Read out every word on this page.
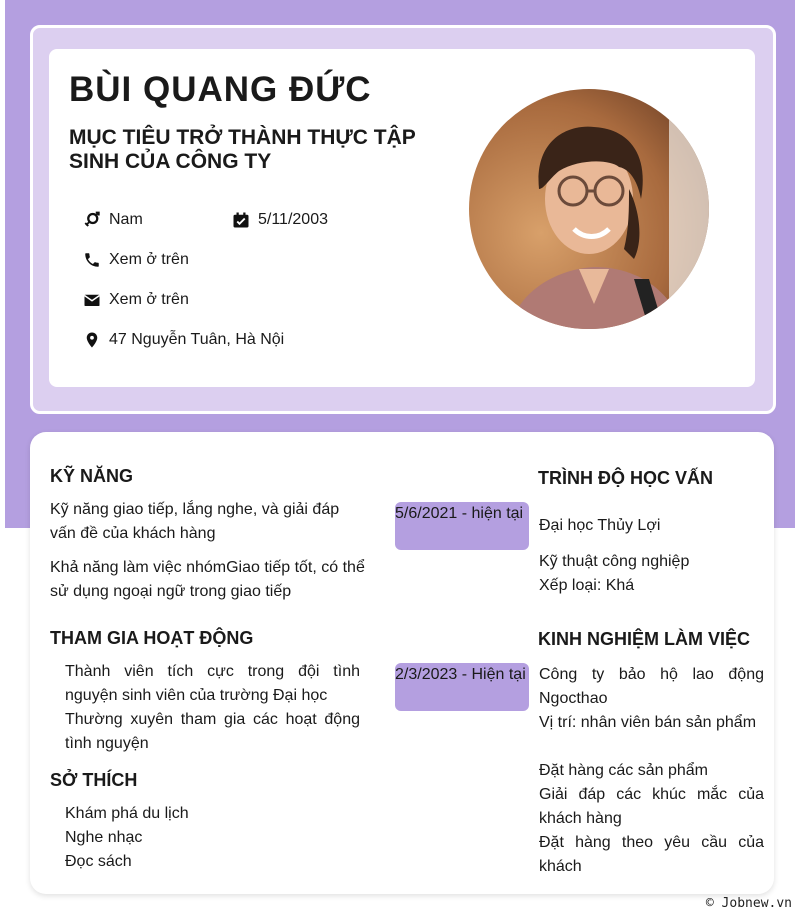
BÙI QUANG ĐỨC
MỤC TIÊU TRỞ THÀNH THỰC TẬP SINH CỦA CÔNG TY
Nam	5/11/2003
Xem ở trên
Xem ở trên
47 Nguyễn Tuân, Hà Nội
KỸ NĂNG

Kỹ năng giao tiếp, lắng nghe, và giải đáp vấn đề của khách hàng

Khả năng làm việc nhómGiao tiếp tốt, có thể sử dụng ngoại ngữ trong giao tiếp

5/6/2021 - hiện tại
TRÌNH ĐỘ HỌC VẤN

Đại học Thủy Lợi

Kỹ thuật công nghiệp

Xếp loại: Khá

THAM GIA HOẠT ĐỘNG

Thành viên tích cực trong đội tình nguyện sinh viên của trường Đại học

Thường xuyên tham gia các hoạt động tình nguyện

2/3/2023 - Hiện tại
KINH NGHIỆM LÀM VIỆC

Công ty bảo hộ lao động Ngocthao

Vị trí: nhân viên bán sản phẩm

Đặt hàng các sản phẩm

Giải đáp các khúc mắc của khách hàng

Đặt hàng theo yêu cầu của khách

SỞ THÍCH

Khám phá du lịch

Nghe nhạc

Đọc sách

© Jobnew.vn
